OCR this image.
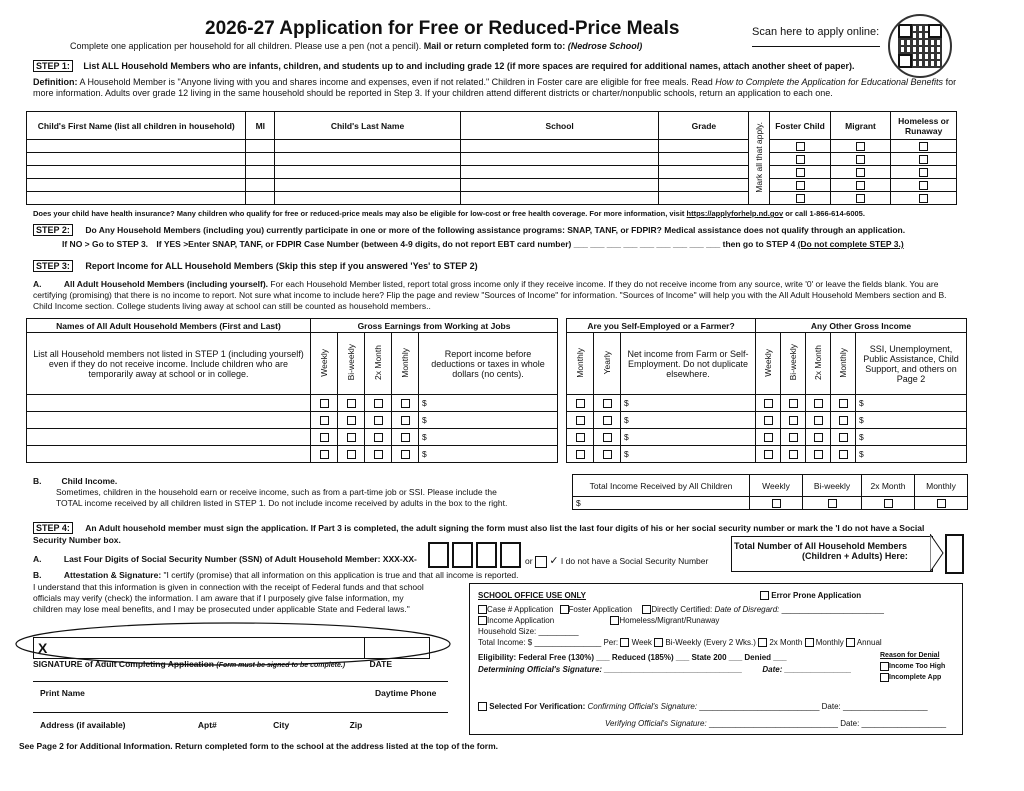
2026-27 Application for Free or Reduced-Price Meals	Scan here to apply online:
Complete one application per household for all children. Please use a pen (not a pencil). Mail or return completed form to: (Nedrose School)
STEP 1: List ALL Household Members who are infants, children, and students up to and including grade 12 (if more spaces are required for additional names, attach another sheet of paper).
Definition: A Household Member is "Anyone living with you and shares income and expenses, even if not related." Children in Foster care are eligible for free meals. Read How to Complete the Application for Educational Benefits for more information. Adults over grade 12 living in the same household should be reported in Step 3. If your children attend different districts or charter/nonpublic schools, return an application to each one.
Child's First Name (list all children in household)	MI	Child's Last Name	School	Grade	Mark all that apply.	Foster Child	Migrant	Homeless or Runaway

Does your child have health insurance? Many children who qualify for free or reduced-price meals may also be eligible for low-cost or free health coverage. For more information, visit https://applyforhelp.nd.gov or call 1-866-614-6005.
STEP 2: Do Any Household Members (including you) currently participate in one or more of the following assistance programs: SNAP, TANF, or FDPIR? Medical assistance does not qualify through an application.
If NO > Go to STEP 3. If YES >Enter SNAP, TANF, or FDPIR Case Number (between 4-9 digits, do not report EBT card number) ___ ___ ___ ___ ___ ___ ___ ___ ___ then go to STEP 4 (Do not complete STEP 3.)
STEP 3: Report Income for ALL Household Members (Skip this step if you answered 'Yes' to STEP 2)
A.	All Adult Household Members (including yourself). For each Household Member listed, report total gross income only if they receive income. If they do not receive income from any source, write '0' or leave the fields blank. You are certifying (promising) that there is no income to report. Not sure what income to include here? Flip the page and review "Sources of Income" for information. "Sources of Income" will help you with the All Adult Household Members section and B. Child Income section. College students living away at school can still be counted as household members..
Names of All Adult Household Members (First and Last)	Gross Earnings from Working at Jobs				
List all Household members not listed in STEP 1 (including yourself) even if they do not receive income. Include children who are temporarily away at school or in college.	Weekly	Bi-weekly	2x Month	Monthly	Report income before deductions or taxes in whole dollars (no cents).
					$
					$
					$
					$
Are you Self-Employed or a Farmer?		
Monthly	Yearly	Net income from Farm or Self-Employment. Do not duplicate elsewhere.
		$
		$
		$
		$
Any Other Gross Income				
Weekly	Bi-weekly	2x Month	Monthly	SSI, Unemployment, Public Assistance, Child Support, and others on Page 2
				$
				$
				$
				$
B. Child Income.
Sometimes, children in the household earn or receive income, such as from a part-time job or SSI. Please include the
TOTAL income received by all children listed in STEP 1. Do not include income received by adults in the box to the right.
Total Income Received by All Children	Weekly	Bi-weekly	2x Month	Monthly
$				
STEP 4: An Adult household member must sign the application. If Part 3 is completed, the adult signing the form must also list the last four digits of his or her social security number or mark the 'I do not have a Social Security Number box.
A.	Last Four Digits of Social Security Number (SSN) of Adult Household Member: XXX-XX-	or ✓ I do not have a Social Security Number
Total Number of All Household Members
(Children + Adults) Here:
B.	Attestation & Signature: "I certify (promise) that all information on this application is true and that all income is reported.
I understand that this information is given in connection with the receipt of Federal funds and that school officials may verify (check) the information. I am aware that if I purposely give false information, my children may lose meal benefits, and I may be prosecuted under applicable State and Federal laws."
X
SIGNATURE of Adult Completing Application (Form must be signed to be complete.)	DATE
Print Name	Daytime Phone
Address (if available)	Apt#	City	Zip
SCHOOL OFFICE USE ONLY	Error Prone Application
Case # Application Foster Application Directly Certified: Date of Disregard: _______________________
Income Application	Homeless/Migrant/Runaway
Household Size: _________
Total Income: $ _______________ Per: Week Bi-Weekly (Every 2 Wks.) 2x Month Monthly Annual
Eligibility: Federal Free (130%) ___ Reduced (185%) ___ State 200 ___ Denied ___	Reason for Denial
Income Too High
Incomplete App
Determining Official's Signature: _______________________________ Date: _______________
Selected For Verification: Confirming Official's Signature: ___________________________ Date: ___________________
Verifying Official's Signature: _____________________________ Date: ___________________
See Page 2 for Additional Information. Return completed form to the school at the address listed at the top of the form.
